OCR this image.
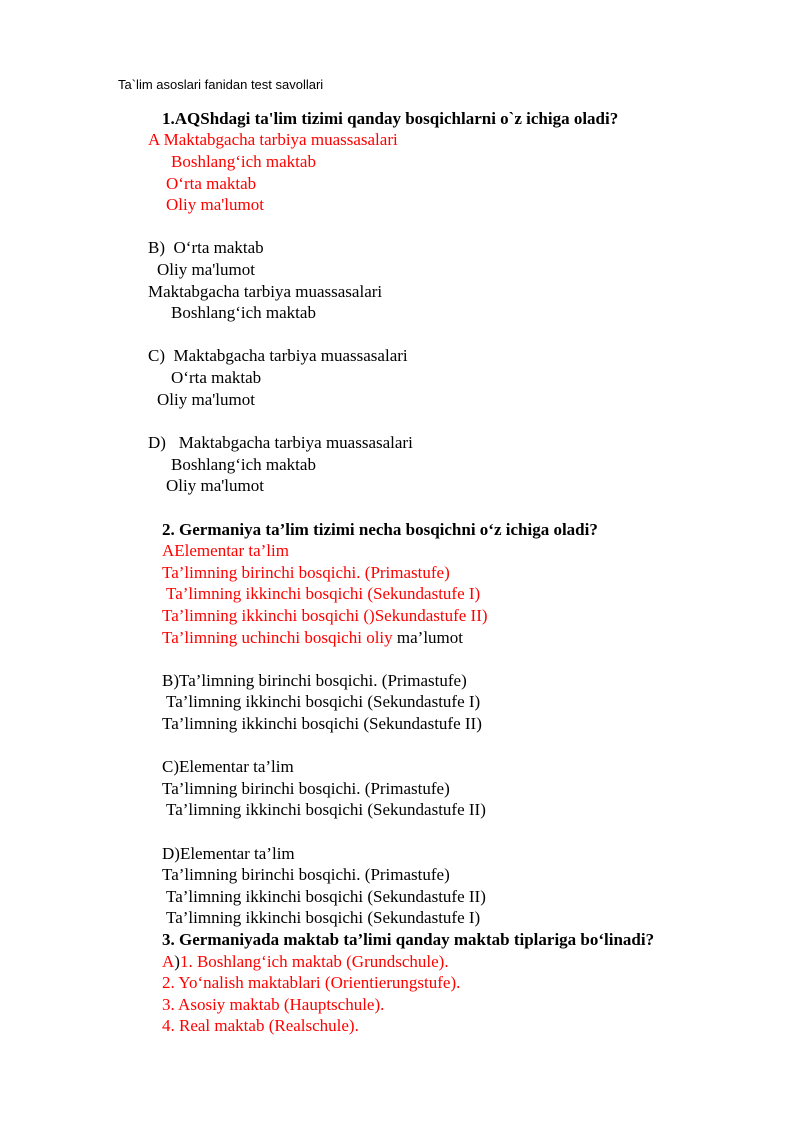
Ta`lim asoslari fanidan test savollari
1.AQShdagi ta'lim tizimi qanday bosqichlarni o`z ichiga oladi?
A Maktabgacha tarbiya muassasalari
Boshlang‘ich maktab
O‘rta maktab
Oliy ma'lumot
B)  O‘rta maktab
Oliy ma'lumot
Maktabgacha tarbiya muassasalari
Boshlang‘ich maktab
C)  Maktabgacha tarbiya muassasalari
O‘rta maktab
Oliy ma'lumot
D)   Maktabgacha tarbiya muassasalari
Boshlang‘ich maktab
Oliy ma'lumot
2. Germaniya ta’lim tizimi necha bosqichni o‘z ichiga oladi?
AElementar ta’lim
Ta’limning birinchi bosqichi. (Primastufe)
Ta’limning ikkinchi bosqichi (Sekundastufe I)
Ta’limning ikkinchi bosqichi ()Sekundastufe II)
Ta’limning uchinchi bosqichi oliy ma’lumot
B)Ta’limning birinchi bosqichi. (Primastufe)
Ta’limning ikkinchi bosqichi (Sekundastufe I)
Ta’limning ikkinchi bosqichi (Sekundastufe II)
C)Elementar ta’lim
Ta’limning birinchi bosqichi. (Primastufe)
Ta’limning ikkinchi bosqichi (Sekundastufe II)
D)Elementar ta’lim
Ta’limning birinchi bosqichi. (Primastufe)
Ta’limning ikkinchi bosqichi (Sekundastufe II)
Ta’limning ikkinchi bosqichi (Sekundastufe I)
3. Germaniyada maktab ta’limi qanday maktab tiplariga bo‘linadi?
A)1. Boshlang‘ich maktab (Grundschule).
2. Yo‘nalish maktablari (Orientierungstufe).
3. Asosiy maktab (Hauptschule).
4. Real maktab (Realschule).
